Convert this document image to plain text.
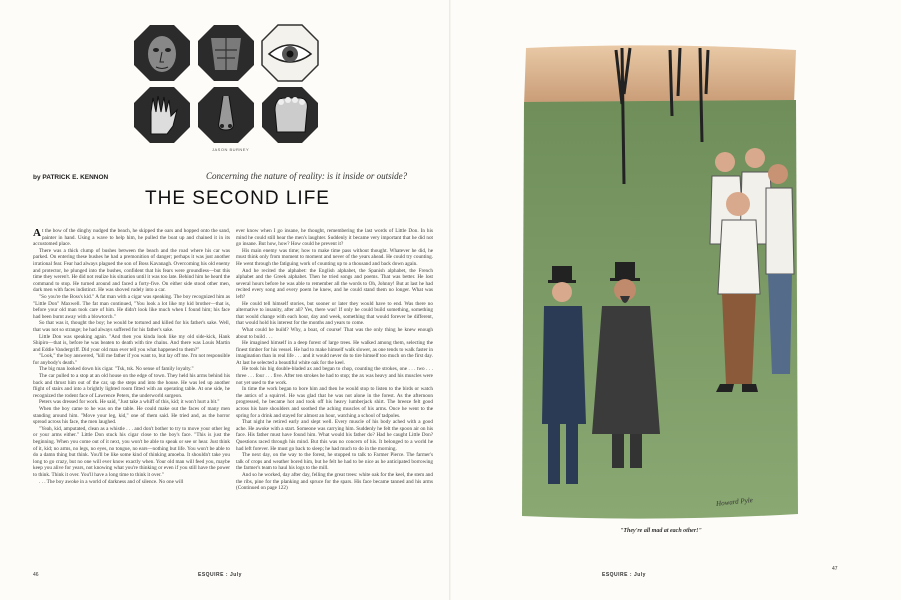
JASON BURNEY
by PATRICK E. KENNON	Concerning the nature of reality: is it inside or outside?
THE SECOND LIFE

At the bow of the dinghy nudged the beach, he skipped the oars and hopped onto the sand, painter in hand. Using a wave to help him, he pulled the boat up and chained it in its accustomed place.

There was a thick clump of bushes between the beach and the road where his car was parked. On entering these bushes he had a premonition of danger; perhaps it was just another irrational fear. Fear had always plagued the son of Boss Kavanagh. Overcoming his old enemy and protector, he plunged into the bushes, confident that his fears were groundless—but this time they weren't. He did not realize his situation until it was too late. Behind him he heard the command to stop. He turned around and faced a forty-five. On either side stood other men, dark men with faces indistinct. He was shoved rudely into a car.

"So you're the Boss's kid." A fat man with a cigar was speaking. The boy recognized him as "Little Don" Maxwell. The fat man continued, "You look a lot like my kid brother—that is, before your old man took care of him. He didn't look like much when I found him; his face had been burnt away with a blowtorch."

So that was it, thought the boy; he would be tortured and killed for his father's sake. Well, that was not so strange; he had always suffered for his father's sake.

Little Don was speaking again. "And then you kinda look like my old side-kick, Hank Shipiro—that is, before he was beaten to death with tire chains. And there was Louis Martin and Eddie Vandergriff. Did your old man ever tell you what happened to them?"

"Look," the boy answered, "kill me father if you want to, but lay off me. I'm not responsible for anybody's death."

The big man looked down his cigar. "Tsk, tsk. No sense of family loyalty."

The car pulled to a stop at an old house on the edge of town. They held his arms behind his back and thrust him out of the car, up the steps and into the house. He was led up another flight of stairs and into a brightly lighted room fitted with an operating table. At one side, he recognized the rodent face of Lawrence Peters, the underworld surgeon.

Peters was dressed for work. He said, "Just take a whiff of this, kid; it won't hurt a bit."

When the boy came to he was on the table. He could make out the faces of many men standing around him. "Move your leg, kid," one of them said. He tried and, as the horror spread across his face, the men laughed.

"Yeah, kid, amputated, clean as a whistle . . . and don't bother to try to move your other leg or your arms either." Little Don stuck his cigar close to the boy's face. "This is just the beginning. When you come out of it next, you won't be able to speak or see or hear. Just think of it, kid; no arms, no legs, no eyes, no tongue, no ears—nothing but life. You won't be able to do a damn thing but think. You'll be like some kind of thinking amoeba. It shouldn't take you long to go crazy, but no one will ever know exactly when. Your old man will feed you, maybe keep you alive for years, not knowing what you're thinking or even if you still have the power to think. Think it over. You'll have a long time to think it over."

. . . The boy awoke in a world of darkness and of silence. No one will

ever know when I go insane, he thought, remembering the last words of Little Don. In his mind he could still hear the men's laughter. Suddenly it became very important that he did not go insane. But how, how? How could he prevent it?

His main enemy was time; how to make time pass without thought. Whatever he did, he must think only from moment to moment and never of the years ahead. He could try counting. He went through the fatiguing work of counting up to a thousand and back down again.

And he recited the alphabet: the English alphabet, the Spanish alphabet, the French alphabet and the Greek alphabet. Then he tried songs and poems. That was better. He lost several hours before he was able to remember all the words to Oh, Johnny! But at last he had recited every song and every poem he knew, and he could stand them no longer. What was left?

He could tell himself stories, but sooner or later they would have to end. Was there no alternative to insanity, after all? Yes, there was! If only he could build something, something that would change with each hour, day and week, something that would forever be different, that would hold his interest for the months and years to come.

What could he build? Why, a boat, of course! That was the only thing he knew enough about to build . . .

He imagined himself in a deep forest of large trees. He walked among them, selecting the finest timber for his vessel. He had to make himself walk slower, as one tends to walk faster in imagination than in real life . . . and it would never do to tire himself too much on the first day. At last he selected a beautiful white oak for the keel.

He took his big double-bladed ax and began to chop, counting the strokes, one . . . two . . . three . . . four . . . five. After ten strokes he had to stop; the ax was heavy and his muscles were not yet used to the work.

In time the work began to bore him and then he would stop to listen to the birds or watch the antics of a squirrel. He was glad that he was not alone in the forest. As the afternoon progressed, he became hot and took off his heavy lumberjack shirt. The breeze felt good across his bare shoulders and soothed the aching muscles of his arms. Once he went to the spring for a drink and stayed for almost an hour, watching a school of tadpoles.

That night he retired early and slept well. Every muscle of his body ached with a good ache. He awoke with a start. Someone was carrying him. Suddenly he felt the spoon air on his face. His father must have found him. What would his father do? Had he caught Little Don? Questions raced through his mind. But this was no concern of his. It belonged to a world he had left forever. He must go back to sleep; he had much to do in the morning.

The next day, on the way to the forest, he stopped to talk to Farmer Pierce. The farmer's talk of crops and weather bored him, but he felt he had to be nice as he anticipated borrowing the farmer's team to haul his logs to the mill.

And so he worked, day after day, felling the great trees: white oak for the keel, the stem and the ribs, pine for the planking and spruce for the spars. His face became tanned and his arms (Continued on page 122)

46	ESQUIRE : July	ESQUIRE : July
47
Howard Pyle
"They're all mad at each other!"
